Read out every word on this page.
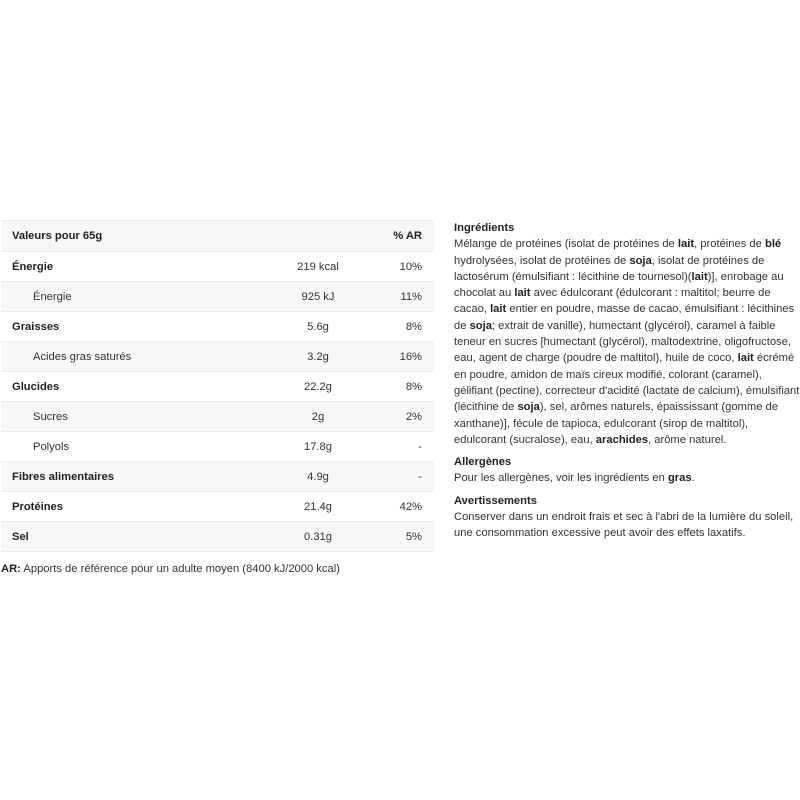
Valeurs pour 65g		% AR
Énergie	219 kcal	10%
Énergie	925 kJ	11%
Graisses	5.6g	8%
Acides gras saturés	3.2g	16%
Glucides	22.2g	8%
Sucres	2g	2%
Polyols	17.8g	-
Fibres alimentaires	4.9g	-
Protéines	21.4g	42%
Sel	0.31g	5%
AR: Apports de référence pour un adulte moyen (8400 kJ/2000 kcal)
Ingrédients

Mélange de protéines (isolat de protéines de lait, protéines de blé hydrolysées, isolat de protéines de soja, isolat de protéines de lactosérum (émulsifiant : lécithine de tournesol)(lait)], enrobage au chocolat au lait avec édulcorant (édulcorant : maltitol; beurre de cacao, lait entier en poudre, masse de cacao, émulsifiant : lécithines de soja; extrait de vanille), humectant (glycérol), caramel à faible teneur en sucres [humectant (glycérol), maltodextrine, oligofructose, eau, agent de charge (poudre de maltitol), huile de coco, lait écrémé en poudre, amidon de maïs cireux modifié, colorant (caramel), gélifiant (pectine), correcteur d'acidité (lactate de calcium), émulsifiant (lécithine de soja), sel, arômes naturels, épaississant (gomme de xanthane)], fécule de tapioca, edulcorant (sirop de maltitol), edulcorant (sucralose), eau, arachides, arôme naturel.

Allergènes

Pour les allergènes, voir les ingrédients en gras.

Avertissements

Conserver dans un endroit frais et sec à l'abri de la lumière du soleil, une consommation excessive peut avoir des effets laxatifs.
